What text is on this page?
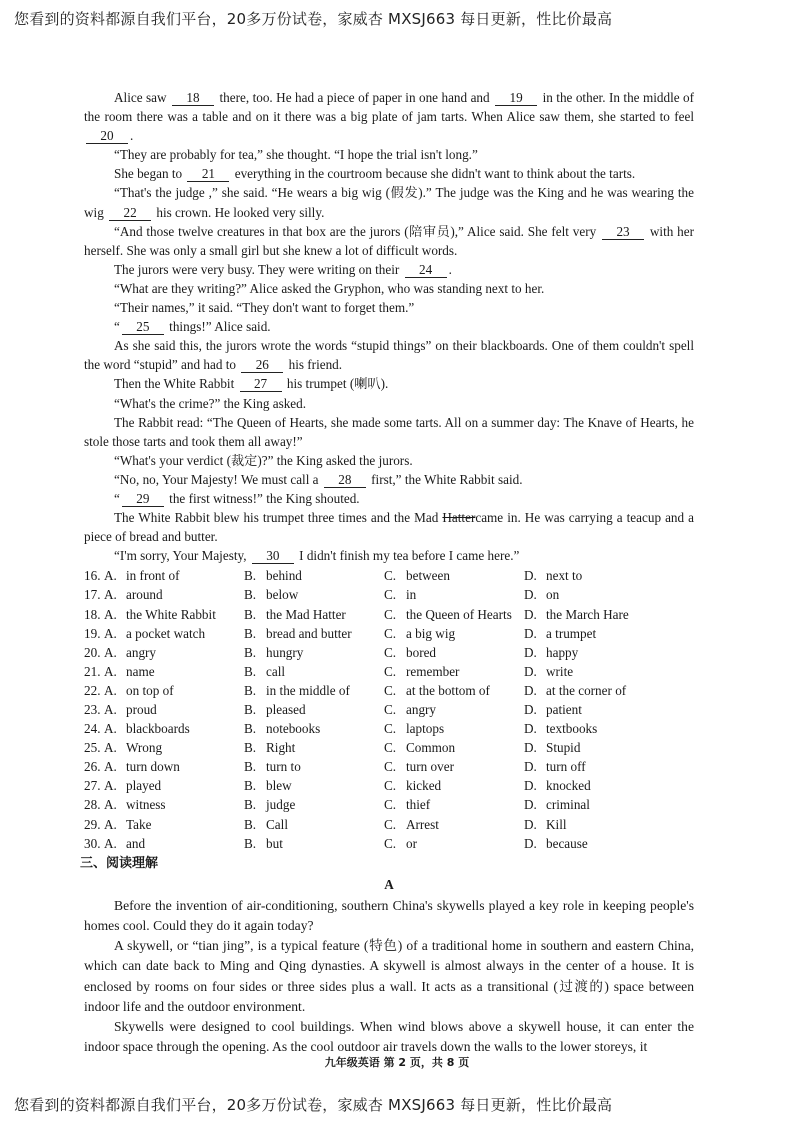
您看到的资料都源自我们平台，20多万份试卷，家威杏 MXSJ663 每日更新，性比价最高

Alice saw 18 there, too. He had a piece of paper in one hand and 19 in the other. In the middle of the room there was a table and on it there was a big plate of jam tarts. When Alice saw them, she started to feel 20 .

“They are probably for tea,” she thought. “I hope the trial isn't long.”

She began to 21 everything in the courtroom because she didn't want to think about the tarts.

“That's the judge ,” she said. “He wears a big wig (假发).” The judge was the King and he was wearing the wig 22 his crown. He looked very silly.

“And those twelve creatures in that box are the jurors (陪审员),” Alice said. She felt very 23 with her herself. She was only a small girl but she knew a lot of difficult words.

The jurors were very busy. They were writing on their 24 .

“What are they writing?” Alice asked the Gryphon, who was standing next to her.

“Their names,” it said. “They don't want to forget them.”

“ 25 things!” Alice said.

As she said this, the jurors wrote the words “stupid things” on their blackboards. One of them couldn't spell the word “stupid” and had to 26 his friend.

Then the White Rabbit 27 his trumpet (喇叭).

“What's the crime?” the King asked.

The Rabbit read: “The Queen of Hearts, she made some tarts. All on a summer day: The Knave of Hearts, he stole those tarts and took them all away!”

“What's your verdict (裁定)?” the King asked the jurors.

“No, no, Your Majesty! We must call a 28 first,” the White Rabbit said.

“ 29 the first witness!” the King shouted.

The White Rabbit blew his trumpet three times and the Mad Hattercame in. He was carrying a teacup and a piece of bread and butter.

“I'm sorry, Your Majesty, 30 I didn't finish my tea before I came here.”

16.	A. in front of	B. behind	C. between	D. next to
17.	A. around	B. below	C. in	D. on
18.	A. the White Rabbit	B. the Mad Hatter	C. the Queen of Hearts	D. the March Hare
19.	A. a pocket watch	B. bread and butter	C. a big wig	D. a trumpet
20.	A. angry	B. hungry	C. bored	D. happy
21.	A. name	B. call	C. remember	D. write
22.	A. on top of	B. in the middle of	C. at the bottom of	D. at the corner of
23.	A. proud	B. pleased	C. angry	D. patient
24.	A. blackboards	B. notebooks	C. laptops	D. textbooks
25.	A. Wrong	B. Right	C. Common	D. Stupid
26.	A. turn down	B. turn to	C. turn over	D. turn off
27.	A. played	B. blew	C. kicked	D. knocked
28.	A. witness	B. judge	C. thief	D. criminal
29.	A. Take	B. Call	C. Arrest	D. Kill
30.	A. and	B. but	C. or	D. because
三、阅读理解
A

Before the invention of air-conditioning, southern China's skywells played a key role in keeping people's homes cool. Could they do it again today?

A skywell, or “tian jing”, is a typical feature (特色) of a traditional home in southern and eastern China, which can date back to Ming and Qing dynasties. A skywell is almost always in the center of a house. It is enclosed by rooms on four sides or three sides plus a wall. It acts as a transitional (过渡的) space between indoor life and the outdoor environment.

Skywells were designed to cool buildings. When wind blows above a skywell house, it can enter the indoor space through the opening. As the cool outdoor air travels down the walls to the lower storeys, it

九年级英语 第 2 页，共 8 页
您看到的资料都源自我们平台，20多万份试卷，家威杏 MXSJ663 每日更新，性比价最高
